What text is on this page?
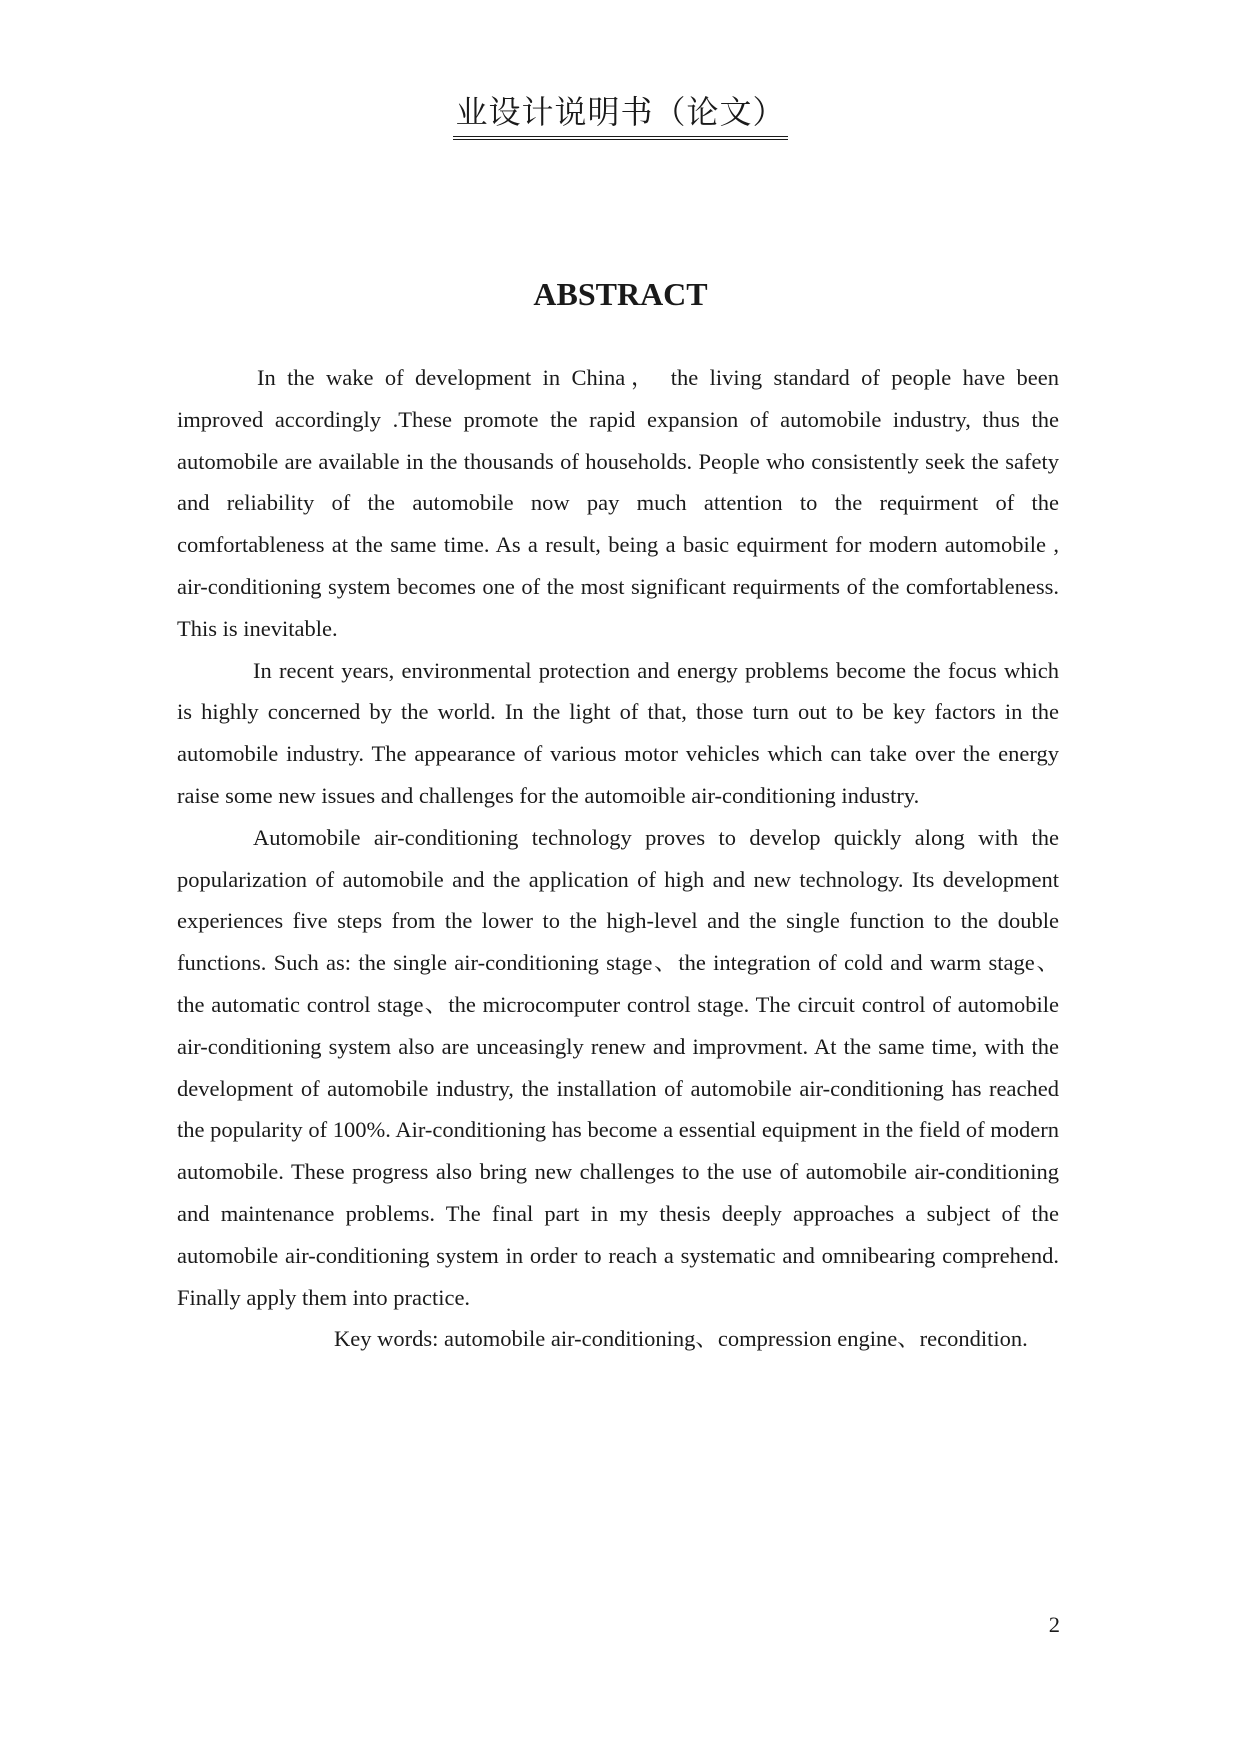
业设计说明书（论文）
ABSTRACT

In the wake of development in China， the living standard of people have been improved accordingly .These promote the rapid expansion of automobile industry, thus the automobile are available in the thousands of households. People who consistently seek the safety and reliability of the automobile now pay much attention to the requirment of the comfortableness at the same time. As a result, being a basic equirment for modern automobile , air-conditioning system becomes one of the most significant requirments of the comfortableness. This is inevitable.

In recent years, environmental protection and energy problems become the focus which is highly concerned by the world. In the light of that, those turn out to be key factors in the automobile industry. The appearance of various motor vehicles which can take over the energy raise some new issues and challenges for the automoible air-conditioning industry.

Automobile air-conditioning technology proves to develop quickly along with the popularization of automobile and the application of high and new technology. Its development experiences five steps from the lower to the high-level and the single function to the double functions. Such as: the single air-conditioning stage、the integration of cold and warm stage、the automatic control stage、the microcomputer control stage. The circuit control of automobile air-conditioning system also are unceasingly renew and improvment. At the same time, with the development of automobile industry, the installation of automobile air-conditioning has reached the popularity of 100%. Air-conditioning has become a essential equipment in the field of modern automobile. These progress also bring new challenges to the use of automobile air-conditioning and maintenance problems. The final part in my thesis deeply approaches a subject of the automobile air-conditioning system in order to reach a systematic and omnibearing comprehend. Finally apply them into practice.

Key words: automobile air-conditioning、compression engine、recondition.

2
